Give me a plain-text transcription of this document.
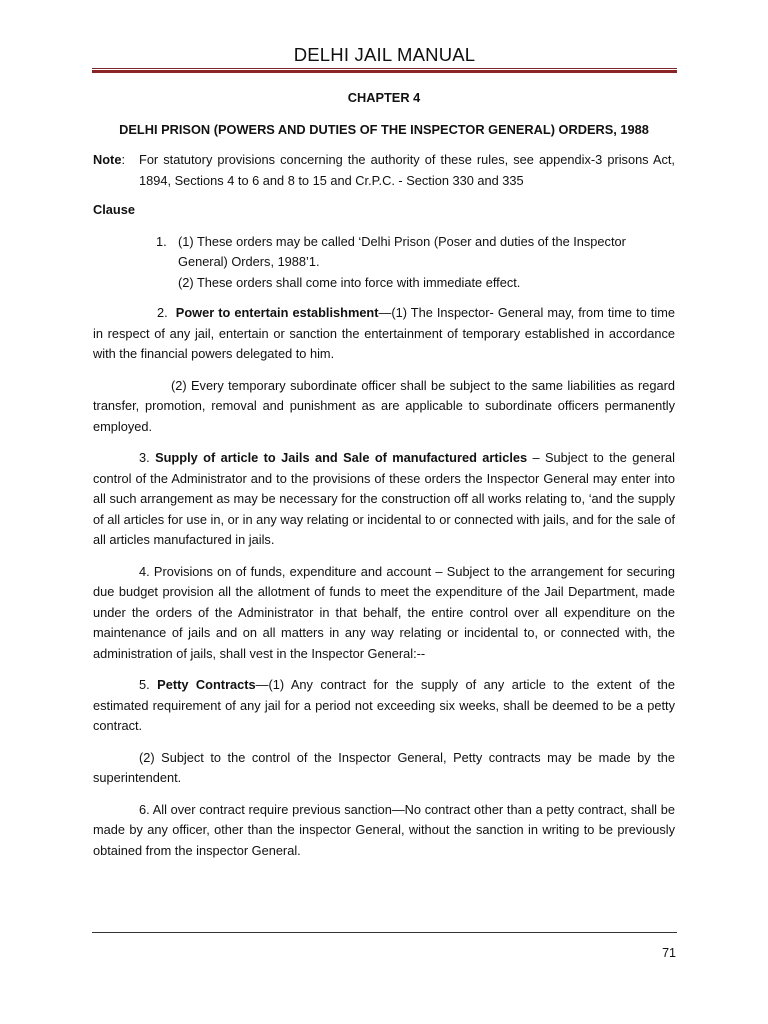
DELHI JAIL MANUAL
CHAPTER 4
DELHI PRISON (POWERS AND DUTIES OF THE INSPECTOR GENERAL) ORDERS, 1988
Note:	For statutory provisions concerning the authority of these rules, see appendix-3 prisons Act, 1894, Sections 4 to 6 and 8 to 15 and Cr.P.C. - Section 330 and 335
Clause
1. (1) These orders may be called ‘Delhi Prison (Poser and duties of the Inspector General) Orders, 1988’1.
(2) These orders shall come into force with immediate effect.

2. Power to entertain establishment—(1) The Inspector- General may, from time to time in respect of any jail, entertain or sanction the entertainment of temporary established in accordance with the financial powers delegated to him.

(2) Every temporary subordinate officer shall be subject to the same liabilities as regard transfer, promotion, removal and punishment as are applicable to subordinate officers permanently employed.

3. Supply of article to Jails and Sale of manufactured articles – Subject to the general control of the Administrator and to the provisions of these orders the Inspector General may enter into all such arrangement as may be necessary for the construction off all works relating to, ‘and the supply of all articles for use in, or in any way relating or incidental to or connected with jails, and for the sale of all articles manufactured in jails.

4. Provisions on of funds, expenditure and account – Subject to the arrangement for securing due budget provision all the allotment of funds to meet the expenditure of the Jail Department, made under the orders of the Administrator in that behalf, the entire control over all expenditure on the maintenance of jails and on all matters in any way relating or incidental to, or connected with, the administration of jails, shall vest in the Inspector General:--

5. Petty Contracts—(1) Any contract for the supply of any article to the extent of the estimated requirement of any jail for a period not exceeding six weeks, shall be deemed to be a petty contract.

(2) Subject to the control of the Inspector General, Petty contracts may be made by the superintendent.

6. All over contract require previous sanction—No contract other than a petty contract, shall be made by any officer, other than the inspector General, without the sanction in writing to be previously obtained from the inspector General.

71
